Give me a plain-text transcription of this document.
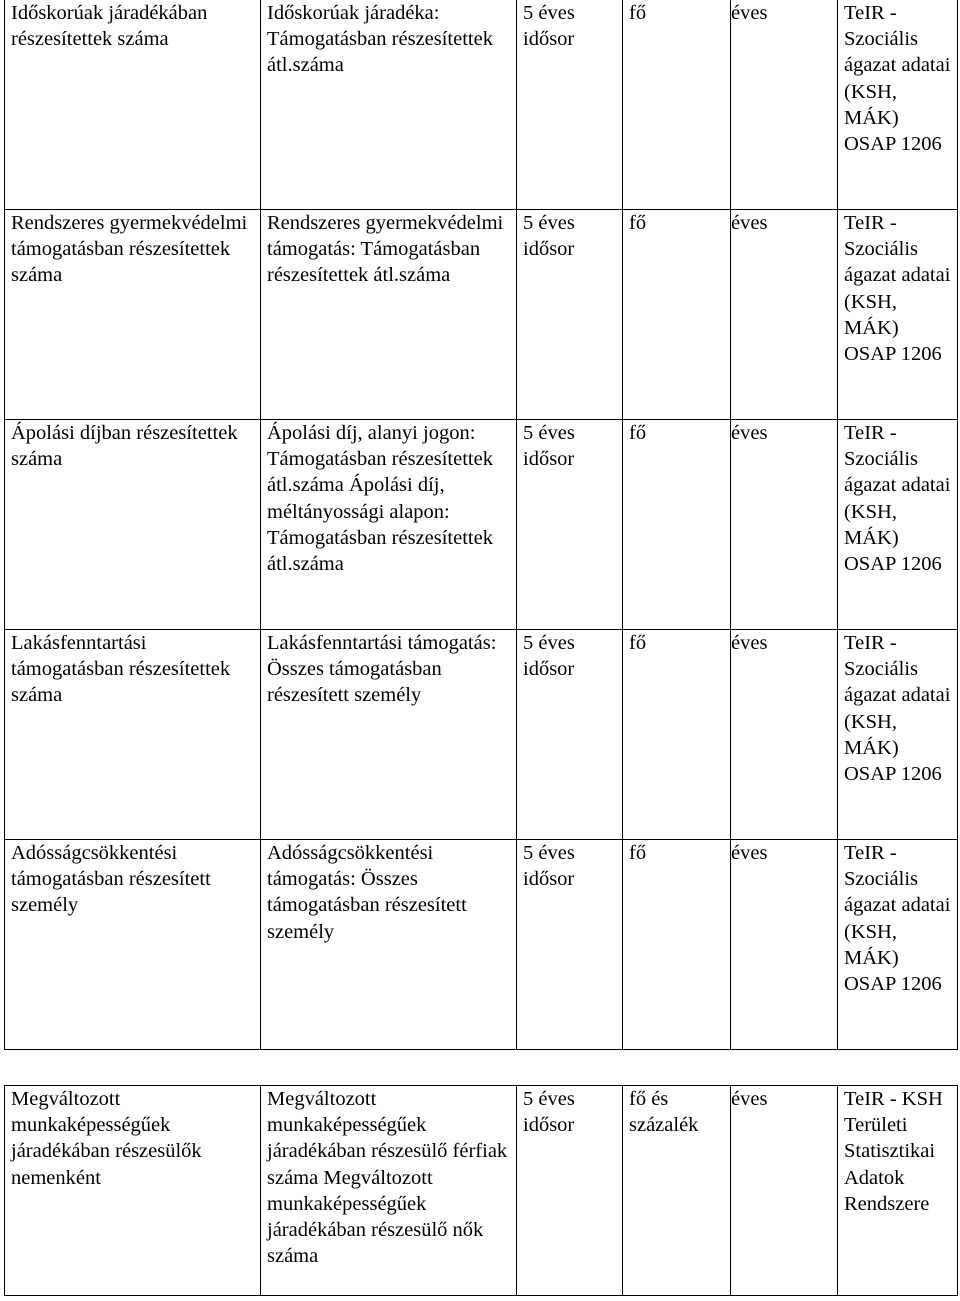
Időskorúak járadékában részesítettek száma	Időskorúak járadéka: Támogatásban részesítettek átl.száma	5 éves idősor	fő	éves	TeIR - Szociális ágazat adatai (KSH, MÁK) OSAP 1206
Rendszeres gyermekvédelmi támogatásban részesítettek száma	Rendszeres gyermekvédelmi támogatás: Támogatásban részesítettek átl.száma	5 éves idősor	fő	éves	TeIR - Szociális ágazat adatai (KSH, MÁK) OSAP 1206
Ápolási díjban részesítettek száma	Ápolási díj, alanyi jogon: Támogatásban részesítettek átl.száma Ápolási díj, méltányossági alapon: Támogatásban részesítettek átl.száma	5 éves idősor	fő	éves	TeIR - Szociális ágazat adatai (KSH, MÁK) OSAP 1206
Lakásfenntartási támogatásban részesítettek száma	Lakásfenntartási támogatás: Összes támogatásban részesített személy	5 éves idősor	fő	éves	TeIR - Szociális ágazat adatai (KSH, MÁK) OSAP 1206
Adósságcsökkentési támogatásban részesített személy	Adósságcsökkentési támogatás: Összes támogatásban részesített személy	5 éves idősor	fő	éves	TeIR - Szociális ágazat adatai (KSH, MÁK) OSAP 1206
Megváltozott munkaképességűek járadékában részesülők nemenként	Megváltozott munkaképességűek járadékában részesülő férfiak száma Megváltozott munkaképességűek járadékában részesülő nők száma	5 éves idősor	fő és százalék	éves	TeIR - KSH Területi Statisztikai Adatok Rendszere
